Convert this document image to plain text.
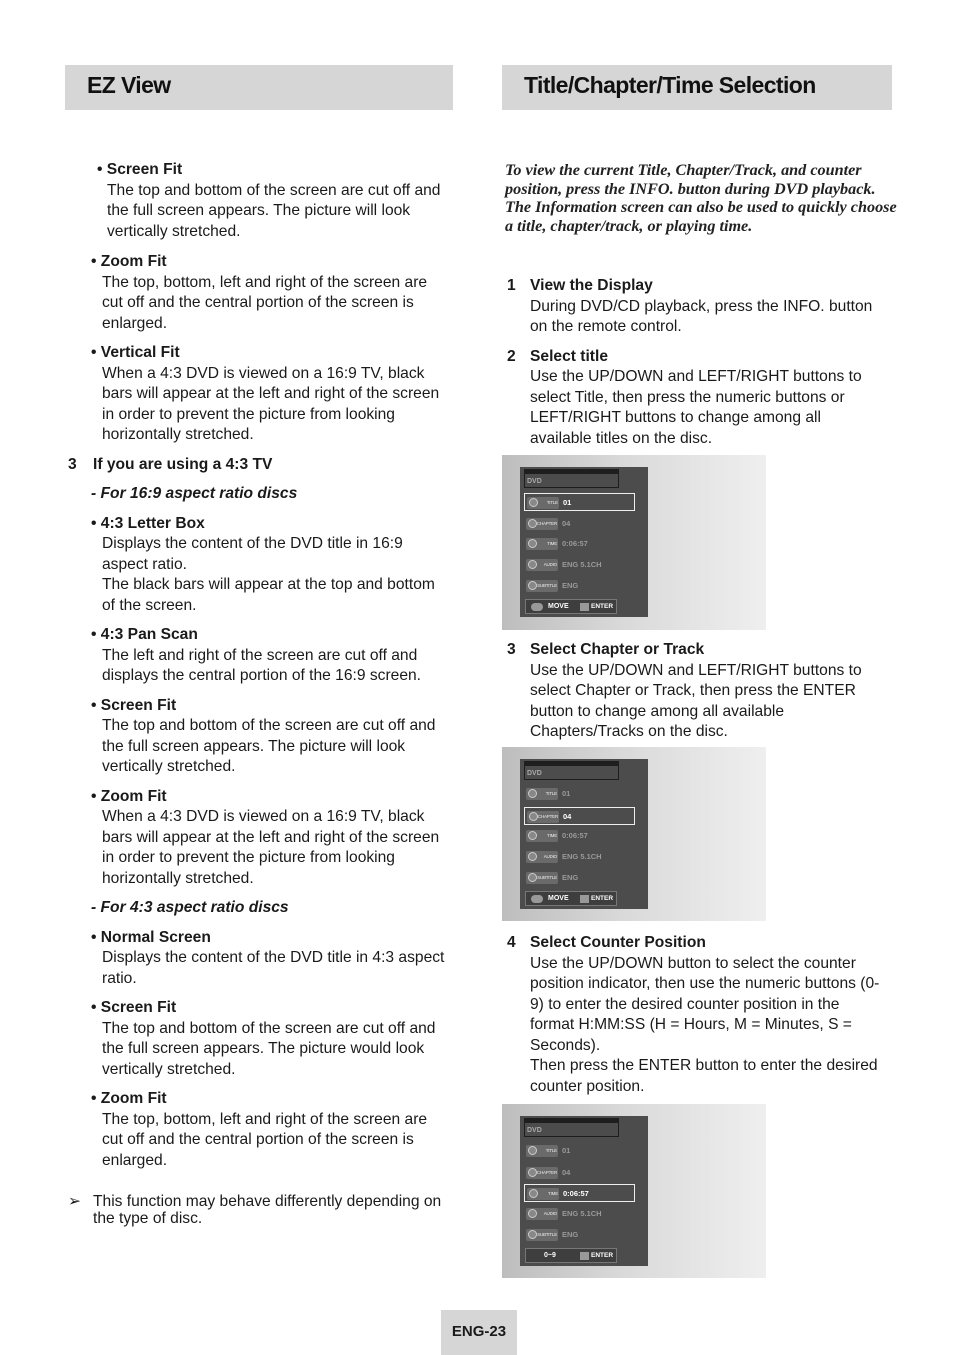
EZ View	Title/Chapter/Time Selection
• Screen Fit

The top and bottom of the screen are cut off and the full screen appears. The picture will look vertically stretched.

• Zoom Fit

The top, bottom, left and right of the screen are cut off and the central portion of the screen is enlarged.

• Vertical Fit

When a 4:3 DVD is viewed on a 16:9 TV, black bars will appear at the left and right of the screen in order to prevent the picture from looking horizontally stretched.

3 If you are using a 4:3 TV
- For 16:9 aspect ratio discs
• 4:3 Letter Box

Displays the content of the DVD title in 16:9 aspect ratio.

The black bars will appear at the top and bottom of the screen.

• 4:3 Pan Scan

The left and right of the screen are cut off and displays the central portion of the 16:9 screen.

• Screen Fit

The top and bottom of the screen are cut off and the full screen appears. The picture will look vertically stretched.

• Zoom Fit

When a 4:3 DVD is viewed on a 16:9 TV, black bars will appear at the left and right of the screen in order to prevent the picture from looking horizontally stretched.

- For 4:3 aspect ratio discs
• Normal Screen

Displays the content of the DVD title in 4:3 aspect ratio.

• Screen Fit

The top and bottom of the screen are cut off and the full screen appears. The picture would look vertically stretched.

• Zoom Fit

The top, bottom, left and right of the screen are cut off and the central portion of the screen is enlarged.

➢ This function may behave differently depending on the type of disc.
To view the current Title, Chapter/Track, and counter position, press the INFO. button during DVD playback. The Information screen can also be used to quickly choose a title, chapter/track, or playing time.
1 View the Display

During DVD/CD playback, press the INFO. button on the remote control.

2 Select title

Use the UP/DOWN and LEFT/RIGHT buttons to select Title, then press the numeric buttons or LEFT/RIGHT buttons to change among all available titles on the disc.

3 Select Chapter or Track

Use the UP/DOWN and LEFT/RIGHT buttons to select Chapter or Track, then press the ENTER button to change among all available Chapters/Tracks on the disc.

4 Select Counter Position

Use the UP/DOWN button to select the counter position indicator, then use the numeric buttons (0-9) to enter the desired counter position in the format H:MM:SS (H = Hours, M = Minutes, S = Seconds).

Then press the ENTER button to enter the desired counter position.

DVD
TITLE 01
CHAPTER 04
TIME 0:06:57
AUDIO ENG 5.1CH
SUBTITLE ENG
MOVE	ENTER
DVD
TITLE 01
CHAPTER 04
TIME 0:06:57
AUDIO ENG 5.1CH
SUBTITLE ENG
MOVE	ENTER
DVD
TITLE 01
CHAPTER 04
TIME 0:06:57
AUDIO ENG 5.1CH
SUBTITLE ENG
0~9	ENTER
ENG-23
